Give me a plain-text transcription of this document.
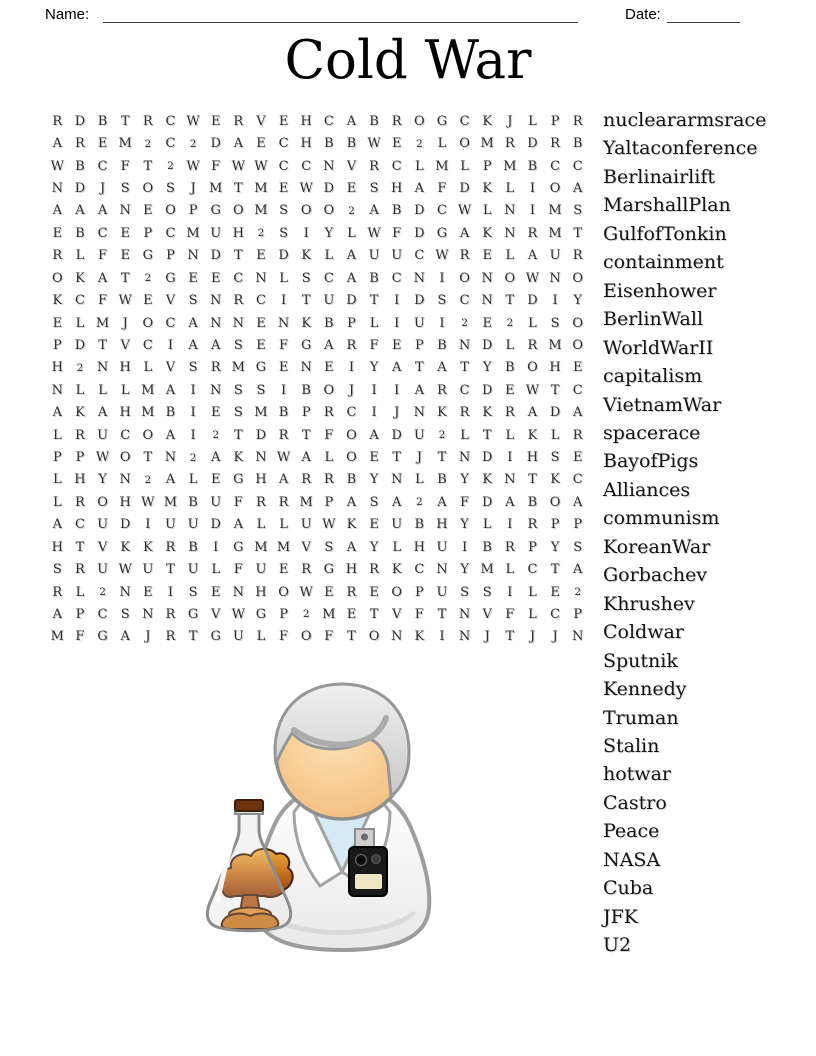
Name:	Date:
Cold War
R D B	T	R C W E R	V	E H C A	B R O G C K	J	L	P	R
A	R E M	2	C	2	D A	E C H B	B W E	2	L O M R D R B
W B C	F	T	2 W F W W C C N V	R C	L M L	P M B C C
N D	J	S O S	J	M T M E W D E	S H A	F D K	L	I	O A
A	A	A N E O P	G O M S O O	2	A	B D C W L N	I	M S
E	B C E	P	C M U H	2	S	I	Y	L W F D G A	K N R M T
R	L	F	E G	P N D	T	E D K	L	A U U C W R E	L	A U R
O K	A	T	2	G E	E C N L	S	C A	B C N	I	O N O W N O
K C	F W E	V	S N R C	I	T U D	T	I	D S	C N T	D	I	Y
E	L M	J	O C A N N E N K B	P	L	I	U	I	2	E	2	L	S O
P	D	T	V C	I	A	A	S	E	F G A	R	F	E	P	B N D	L	R M O
H	2	N H L	V	S	R M G E N E	I	Y	A	T	A	T	Y	B O H E
N L	L	L M A	I	N S	S	I	B O	J	I	I	A	R C D E W T	C
A	K	A H M B	I	E	S M B	P	R C	I	J	N K R K R	A D A
L	R U C O A	I	2	T	D R	T	F O A D U	2	L	T	L	K	L	R
P	P W O T N	2	A	K N W A	L O E	T	J	T N D	I	H S	E
L H Y N	2	A	L	E G H A	R R B	Y N L	B	Y	K N T	K C
L	R O H W M B U F	R R M P	A	S	A	2	A	F D A	B O A
A C U D	I	U U D A	L	L U W K	E U B H Y	L	I	R	P	P
H T	V	K K R B	I	G M M V	S	A	Y	L H U	I	B R	P	Y	S
S	R U W U T U L	F U E R G H R K C N Y M L	C	T	A
R	L	2	N E	I	S	E N H O W E R E O P U S	S	I	L	E	2
A	P	C	S N R G V W G	P	2 M E	T	V	F	T N V	F	L	C	P
M F G A	J	R	T	G U L	F O F	T O N K	I	N	J	T	J	J	N
nucleararmsrace
Yaltaconference
Berlinairlift
MarshallPlan
GulfofTonkin
containment
Eisenhower
BerlinWall
WorldWarII
capitalism
VietnamWar
spacerace
BayofPigs
Alliances
communism
KoreanWar
Gorbachev
Khrushev
Coldwar
Sputnik
Kennedy
Truman
Stalin
hotwar
Castro
Peace
NASA
Cuba
JFK
U2
